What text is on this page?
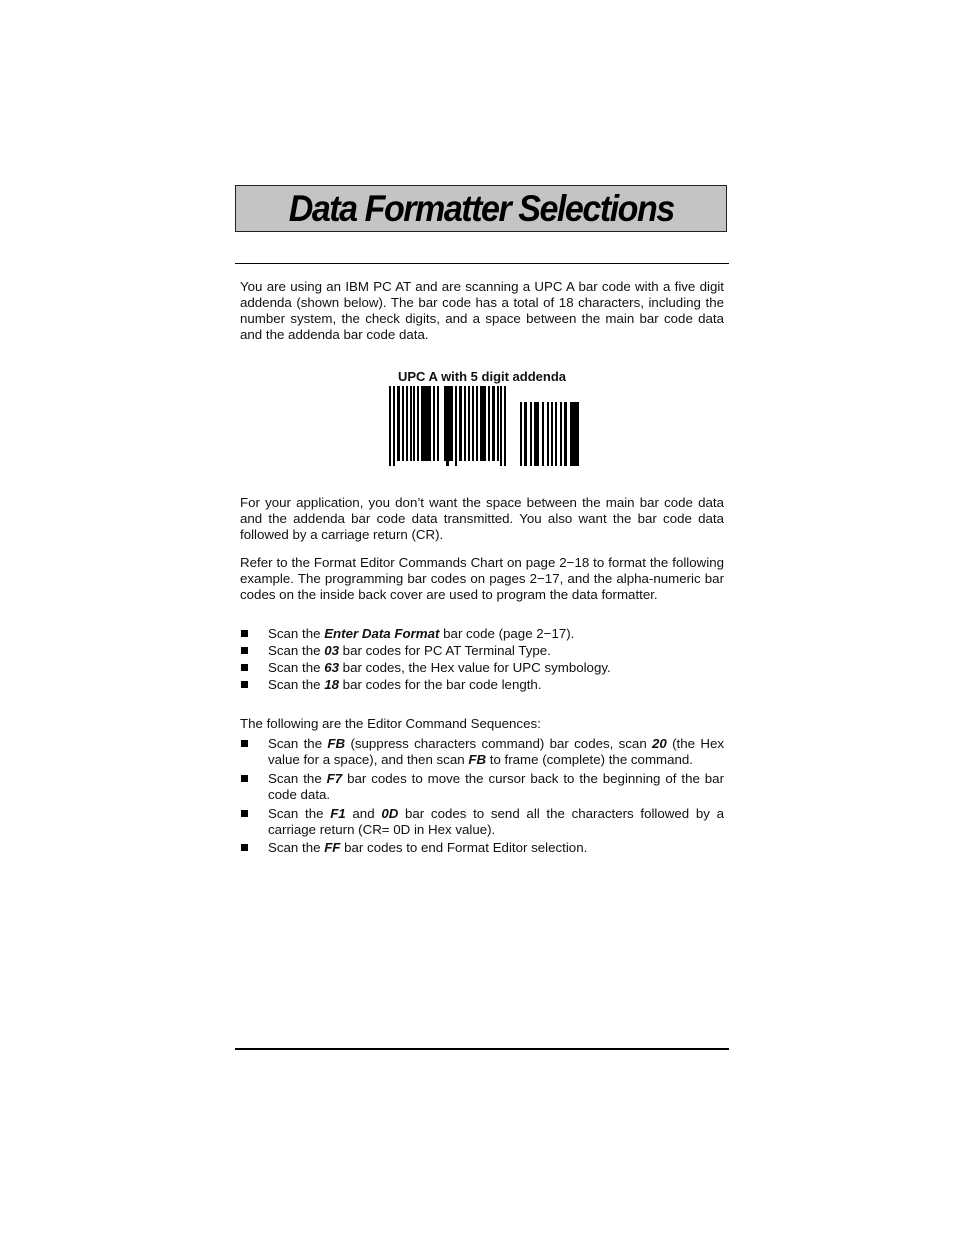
Data Formatter Selections

You are using an IBM PC AT and are scanning a UPC A bar code with a five digit addenda (shown below). The bar code has a total of 18 characters, including the number system, the check digits, and a space between the main bar code data and the addenda bar code data.

UPC A with 5 digit addenda

For your application, you don’t want the space between the main bar code data and the addenda bar code data transmitted. You also want the bar code data followed by a carriage return (CR).

Refer to the Format Editor Commands Chart on page 2−18 to format the following example. The programming bar codes on pages 2−17, and the alpha-numeric bar codes on the inside back cover are used to program the data formatter.

Scan the Enter Data Format bar code (page 2−17).
Scan the 03 bar codes for PC AT Terminal Type.
Scan the 63 bar codes, the Hex value for UPC symbology.
Scan the 18 bar codes for the bar code length.

The following are the Editor Command Sequences:

Scan the FB (suppress characters command) bar codes, scan 20 (the Hex value for a space), and then scan FB to frame (complete) the command.
Scan the F7 bar codes to move the cursor back to the beginning of the bar code data.
Scan the F1 and 0D bar codes to send all the characters followed by a carriage return (CR= 0D in Hex value).
Scan the FF bar codes to end Format Editor selection.
